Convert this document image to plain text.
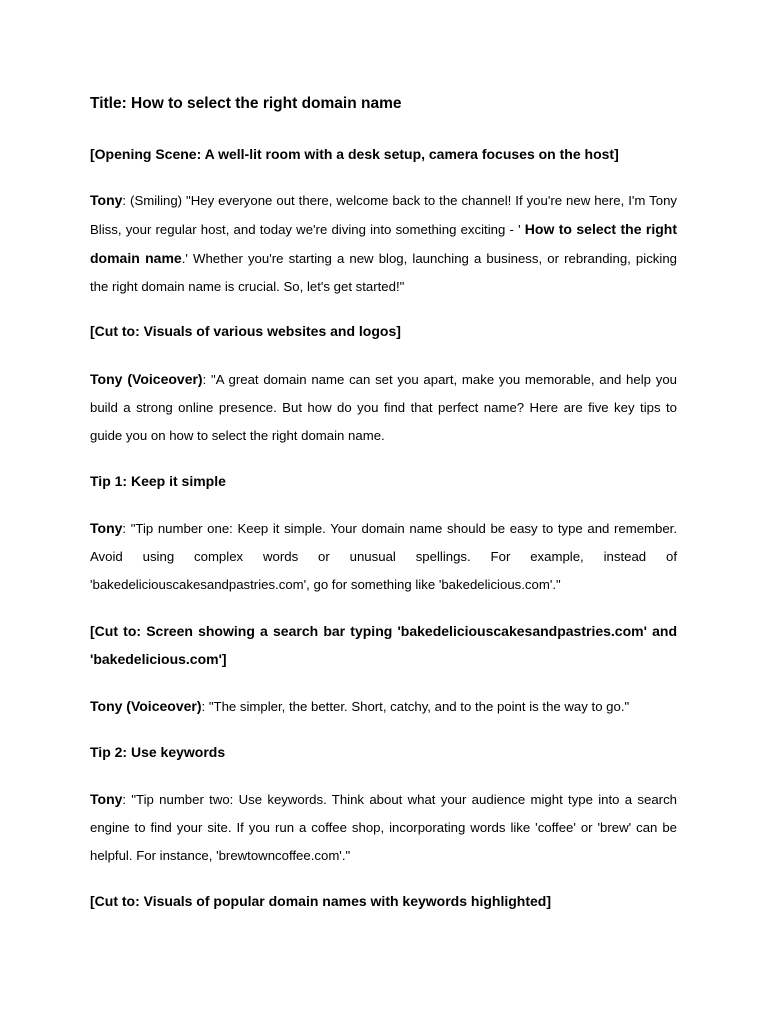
Title: How to select the right domain name

[Opening Scene: A well-lit room with a desk setup, camera focuses on the host]

Tony: (Smiling) "Hey everyone out there, welcome back to the channel! If you're new here, I'm Tony Bliss, your regular host, and today we're diving into something exciting - ' How to select the right domain name.' Whether you're starting a new blog, launching a business, or rebranding, picking the right domain name is crucial. So, let's get started!"

[Cut to: Visuals of various websites and logos]

Tony (Voiceover): "A great domain name can set you apart, make you memorable, and help you build a strong online presence. But how do you find that perfect name? Here are five key tips to guide you on how to select the right domain name.

Tip 1: Keep it simple

Tony: "Tip number one: Keep it simple. Your domain name should be easy to type and remember. Avoid using complex words or unusual spellings. For example, instead of 'bakedeliciouscakesandpastries.com', go for something like 'bakedelicious.com'."

[Cut to: Screen showing a search bar typing 'bakedeliciouscakesandpastries.com' and 'bakedelicious.com']

Tony (Voiceover): "The simpler, the better. Short, catchy, and to the point is the way to go."

Tip 2: Use keywords

Tony: "Tip number two: Use keywords. Think about what your audience might type into a search engine to find your site. If you run a coffee shop, incorporating words like 'coffee' or 'brew' can be helpful. For instance, 'brewtowncoffee.com'."

[Cut to: Visuals of popular domain names with keywords highlighted]
